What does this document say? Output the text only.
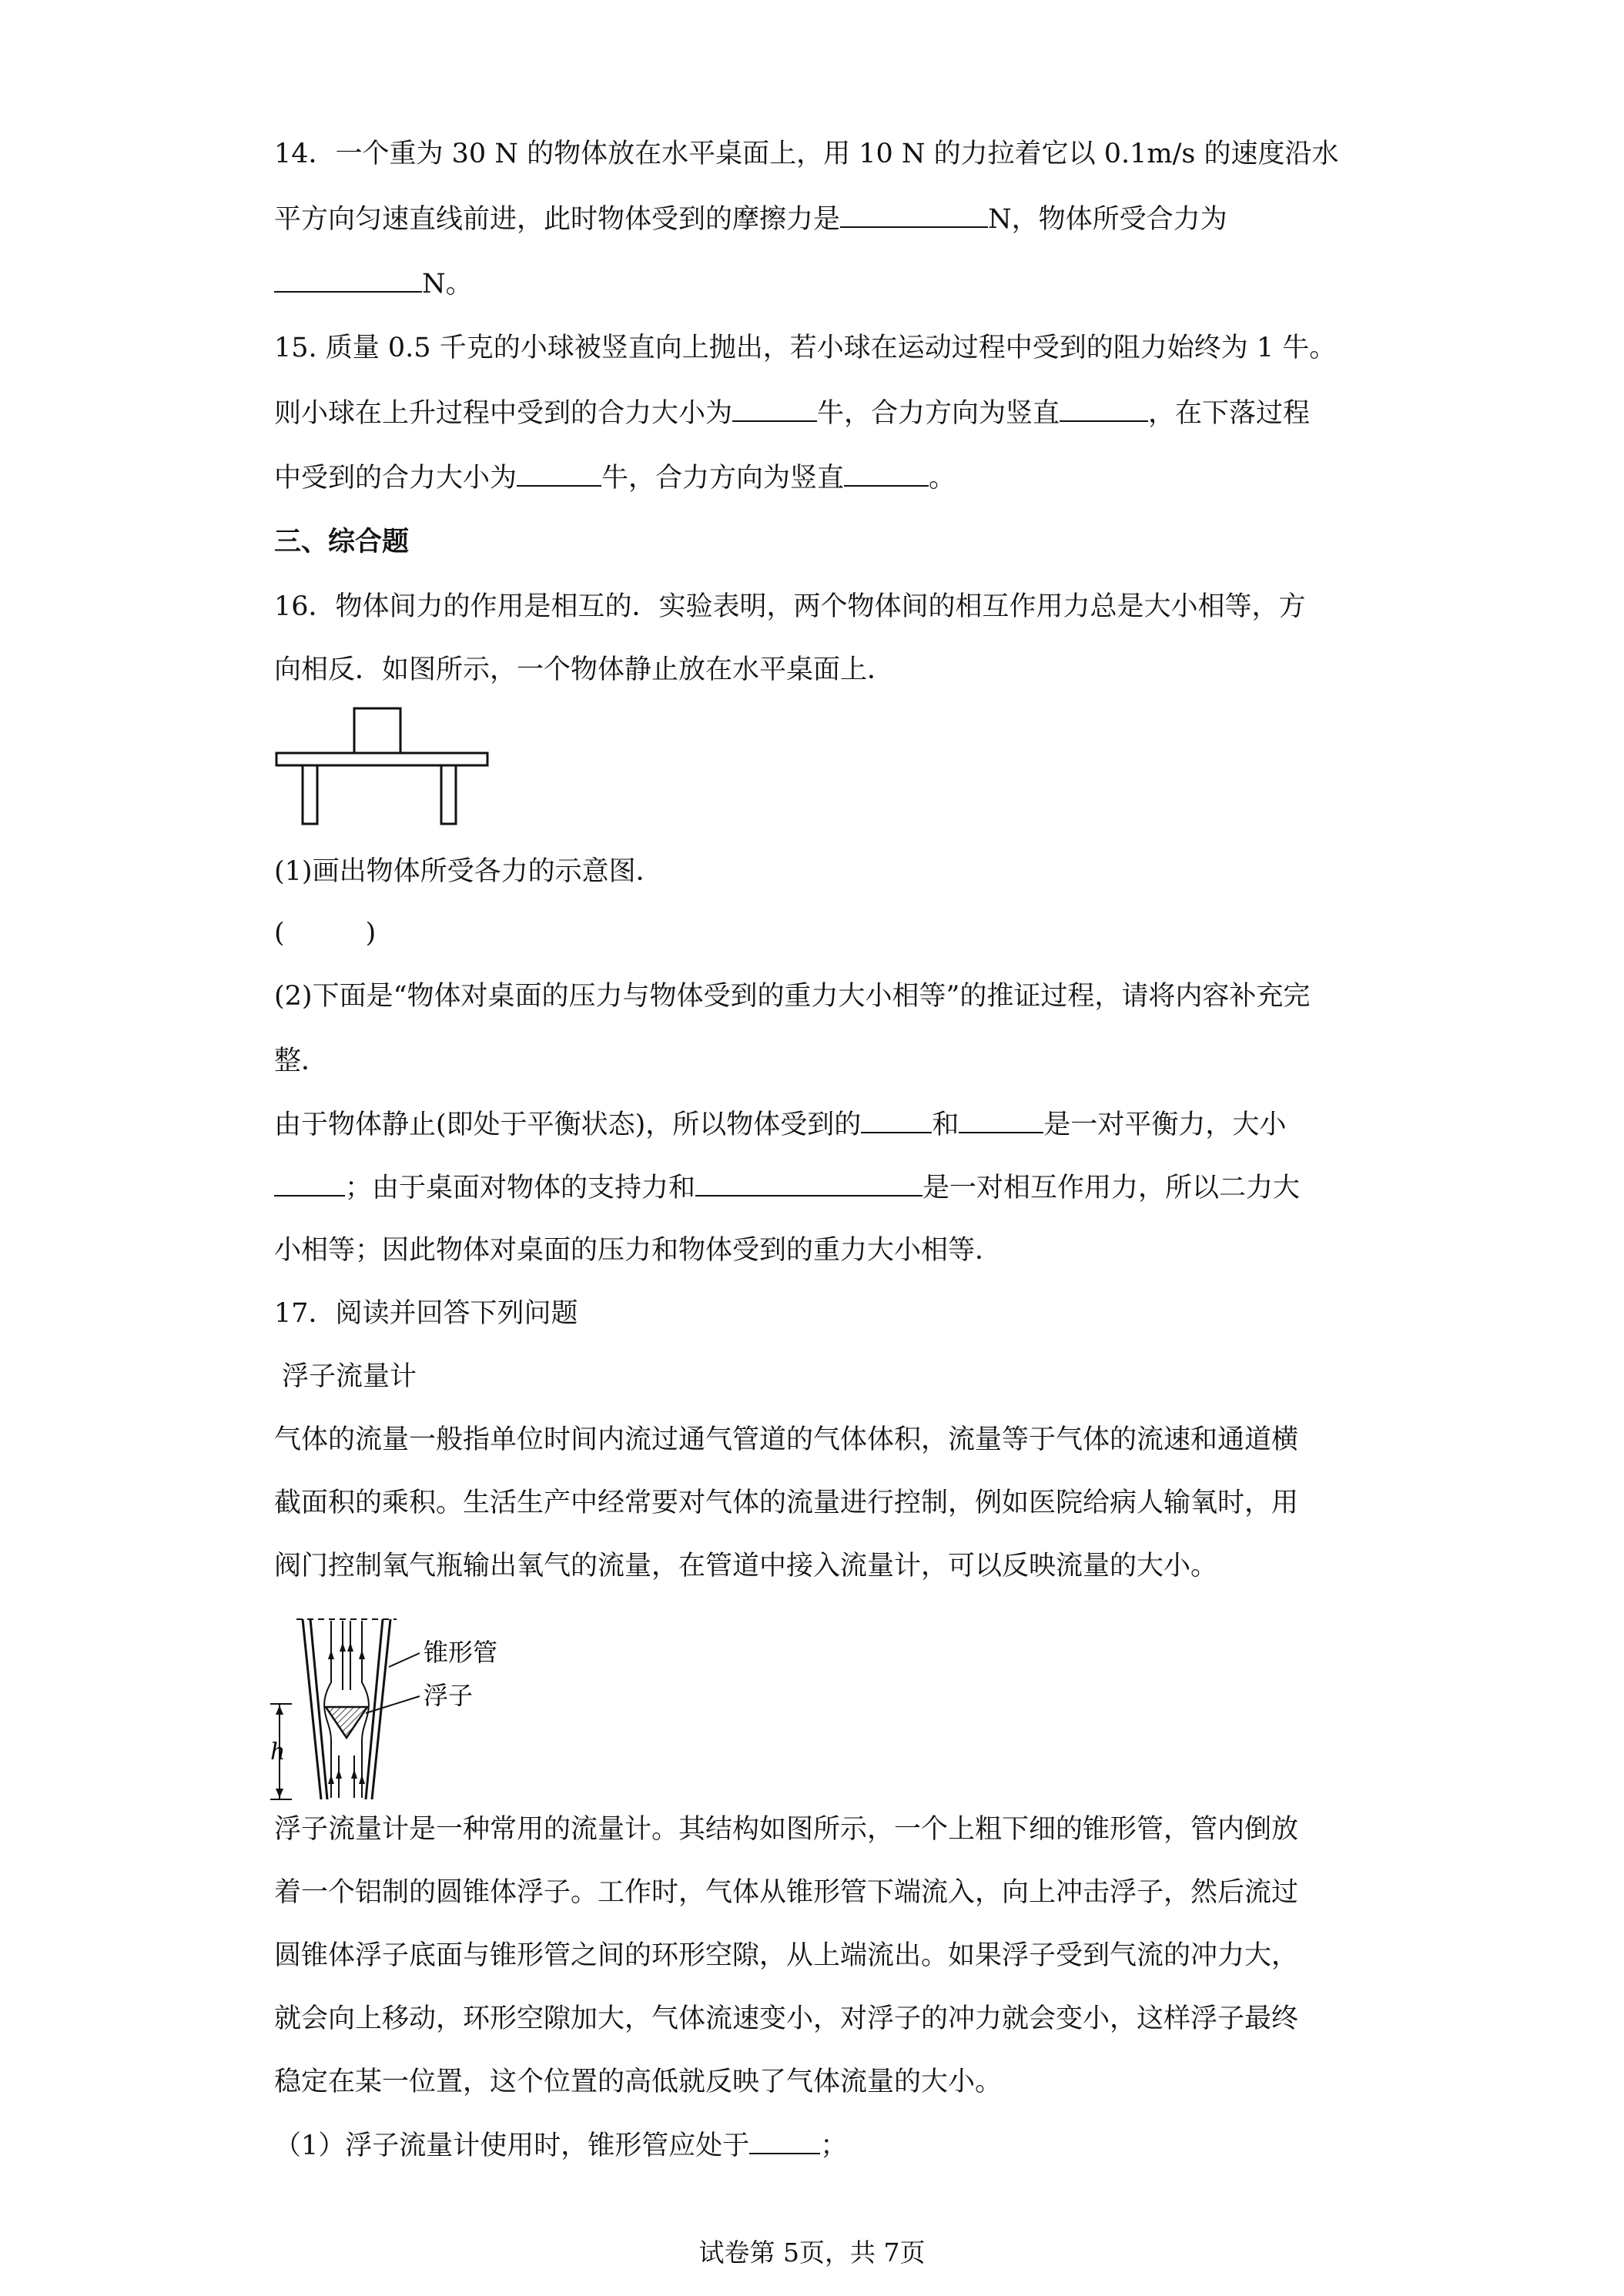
14．一个重为 30 N 的物体放在水平桌面上，用 10 N 的力拉着它以 0.1m/s 的速度沿水
平方向匀速直线前进，此时物体受到的摩擦力是	N，物体所受合力为
N。
15. 质量 0.5 千克的小球被竖直向上抛出，若小球在运动过程中受到的阻力始终为 1 牛。
则小球在上升过程中受到的合力大小为	牛，合力方向为竖直	，在下落过程
中受到的合力大小为	牛，合力方向为竖直	。
三、综合题
16．物体间力的作用是相互的．实验表明，两个物体间的相互作用力总是大小相等，方
向相反．如图所示，一个物体静止放在水平桌面上．
(1)画出物体所受各力的示意图．
(　　　)
(2)下面是“物体对桌面的压力与物体受到的重力大小相等”的推证过程，请将内容补充完
整．
由于物体静止(即处于平衡状态)，所以物体受到的	和	是一对平衡力，大小
；由于桌面对物体的支持力和	是一对相互作用力，所以二力大
小相等；因此物体对桌面的压力和物体受到的重力大小相等．
17．阅读并回答下列问题
浮子流量计
气体的流量一般指单位时间内流过通气管道的气体体积，流量等于气体的流速和通道横
截面积的乘积。生活生产中经常要对气体的流量进行控制，例如医院给病人输氧时，用
阀门控制氧气瓶输出氧气的流量，在管道中接入流量计，可以反映流量的大小。
锥形管
浮子
h
浮子流量计是一种常用的流量计。其结构如图所示，一个上粗下细的锥形管，管内倒放
着一个铝制的圆锥体浮子。工作时，气体从锥形管下端流入，向上冲击浮子，然后流过
圆锥体浮子底面与锥形管之间的环形空隙，从上端流出。如果浮子受到气流的冲力大，
就会向上移动，环形空隙加大，气体流速变小，对浮子的冲力就会变小，这样浮子最终
稳定在某一位置，这个位置的高低就反映了气体流量的大小。
（1）浮子流量计使用时，锥形管应处于	；
试卷第 5页，共 7页
